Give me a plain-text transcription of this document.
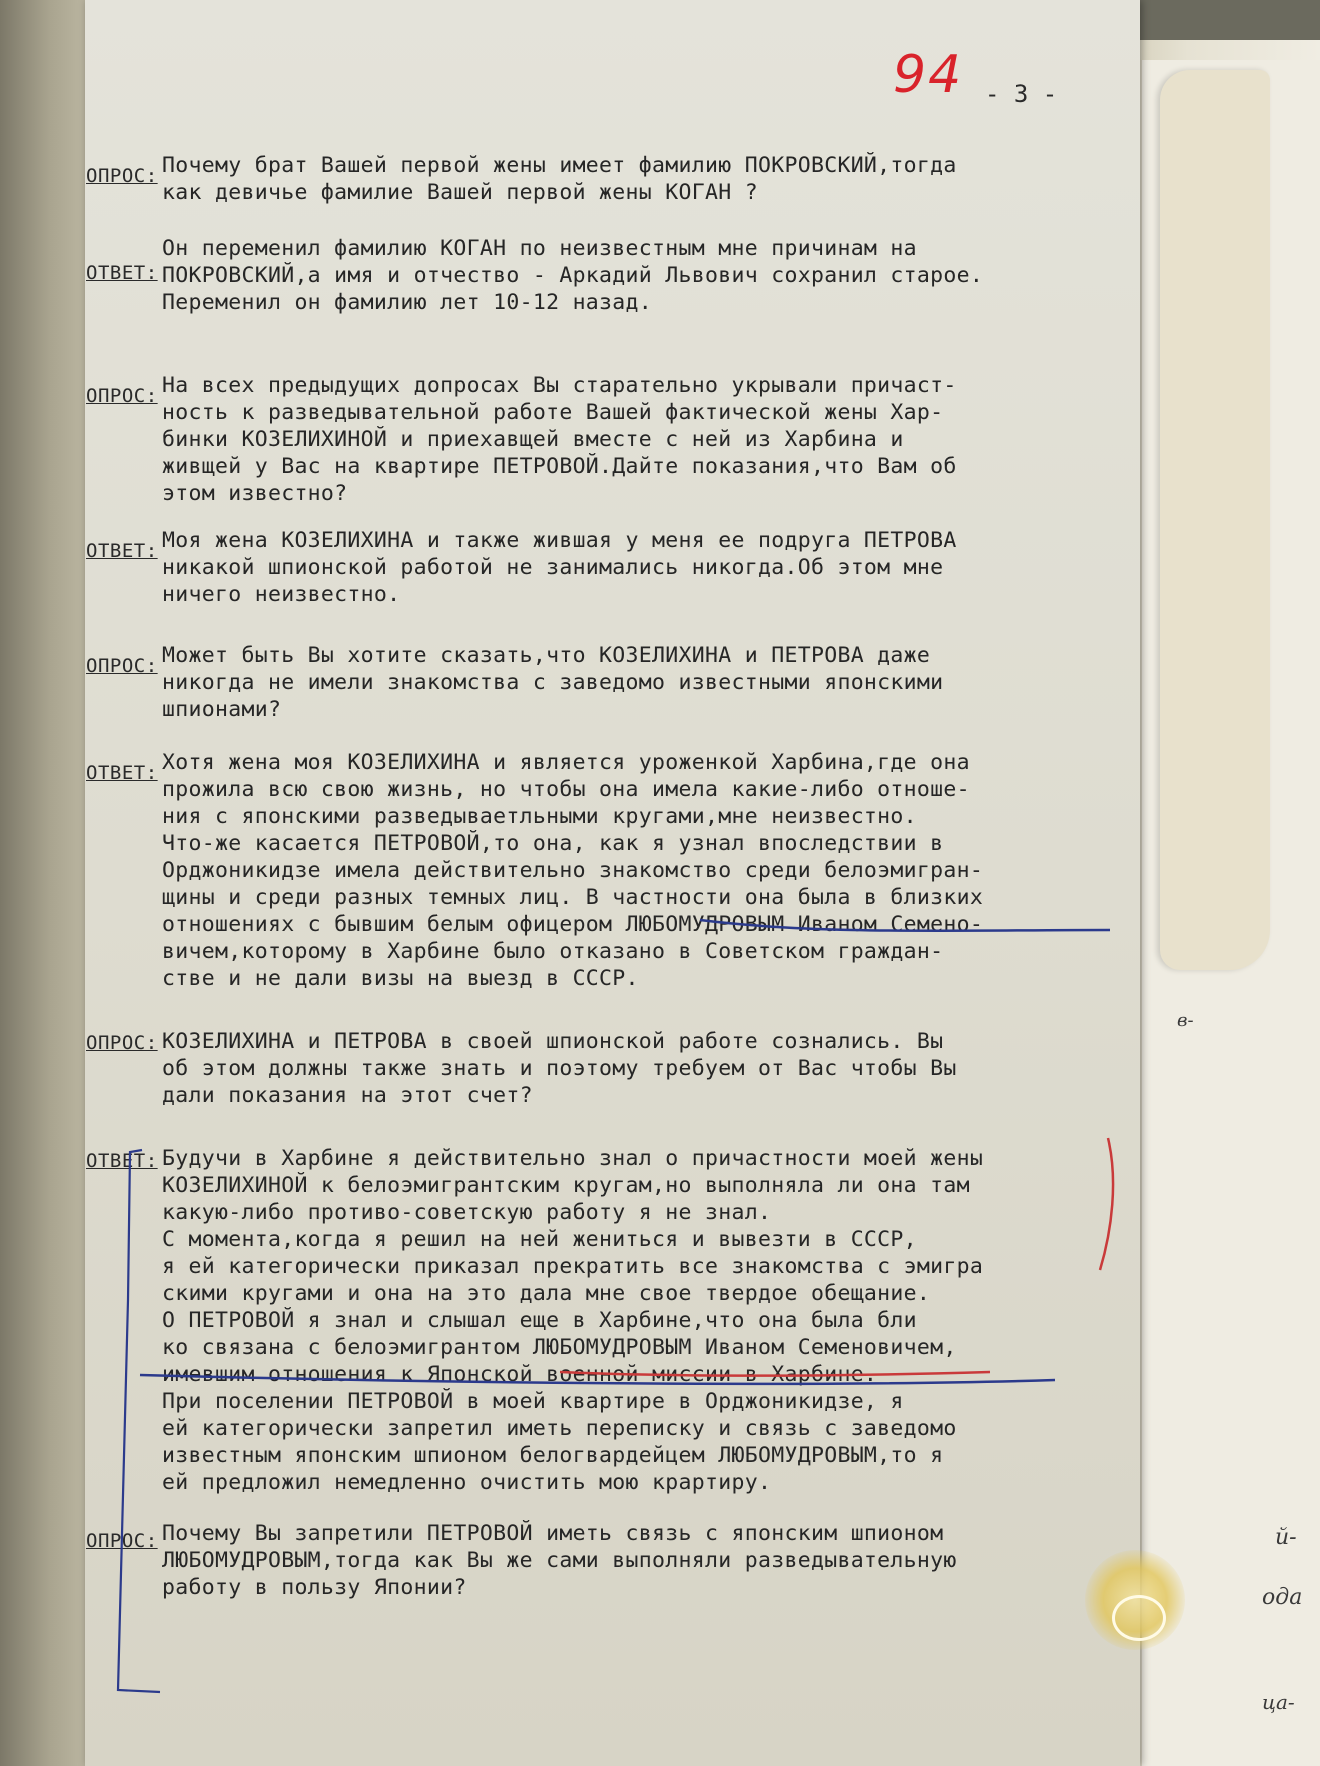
94 - 3 -
ОПРОС: Почему брат Вашей первой жены имеет фамилию ПОКРОВСКИЙ,тогда
как девичье фамилие Вашей первой жены КОГАН ?
ОТВЕТ:
Он переменил фамилию КОГАН по неизвестным мне причинам на
ПОКРОВСКИЙ,а имя и отчество - Аркадий Львович сохранил старое.
Переменил он фамилию лет 10-12 назад.
ОПРОС: На всех предыдущих допросах Вы старательно укрывали причаст-
ность к разведывательной работе Вашей фактической жены Хар-
бинки КОЗЕЛИХИНОЙ и приехавщей вместе с ней из Харбина и
живщей у Вас на квартире ПЕТРОВОЙ.Дайте показания,что Вам об
этом известно?
ОТВЕТ: Моя жена КОЗЕЛИХИНА и также жившая у меня ее подруга ПЕТРОВА
никакой шпионской работой не занимались никогда.Об этом мне
ничего неизвестно.
ОПРОС: Может быть Вы хотите сказать,что КОЗЕЛИХИНА и ПЕТРОВА даже
никогда не имели знакомства с заведомо известными японскими
шпионами?
ОТВЕТ: Хотя жена моя КОЗЕЛИХИНА и является уроженкой Харбина,где она
прожила всю свою жизнь, но чтобы она имела какие-либо отноше-
ния с японскими разведываетльными кругами,мне неизвестно.
Что-же касается ПЕТРОВОЙ,то она, как я узнал впоследствии в
Орджоникидзе имела действительно знакомство среди белоэмигран-
щины и среди разных темных лиц. В частности она была в близких
отношениях с бывшим белым офицером ЛЮБОМУДРОВЫМ Иваном Семено-
вичем,которому в Харбине было отказано в Советском граждан-
стве и не дали визы на выезд в СССР.
ОПРОС: КОЗЕЛИХИНА и ПЕТРОВА в своей шпионской работе сознались. Вы
об этом должны также знать и поэтому требуем от Вас чтобы Вы
дали показания на этот счет?
ОТВЕТ: Будучи в Харбине я действительно знал о причастности моей жены
КОЗЕЛИХИНОЙ к белоэмигрантским кругам,но выполняла ли она там
какую-либо противо-советскую работу я не знал.
С момента,когда я решил на ней жениться и вывезти в СССР,
я ей категорически приказал прекратить все знакомства с эмигра
скими кругами и она на это дала мне свое твердое обещание.
О ПЕТРОВОЙ я знал и слышал еще в Харбине,что она была бли
ко связана с белоэмигрантом ЛЮБОМУДРОВЫМ Иваном Семеновичем,
имевшим отношения к Японской военной миссии в Харбине.
При поселении ПЕТРОВОЙ в моей квартире в Орджоникидзе, я
ей категорически запретил иметь переписку и связь с заведомо
известным японским шпионом белогвардейцем ЛЮБОМУДРОВЫМ,то я
ей предложил немедленно очистить мою крартиру.
ОПРОС: Почему Вы запретили ПЕТРОВОЙ иметь связь с японским шпионом
ЛЮБОМУДРОВЫМ,тогда как Вы же сами выполняли разведывательную
работу в пользу Японии?
в-
й-
ода
ца-
